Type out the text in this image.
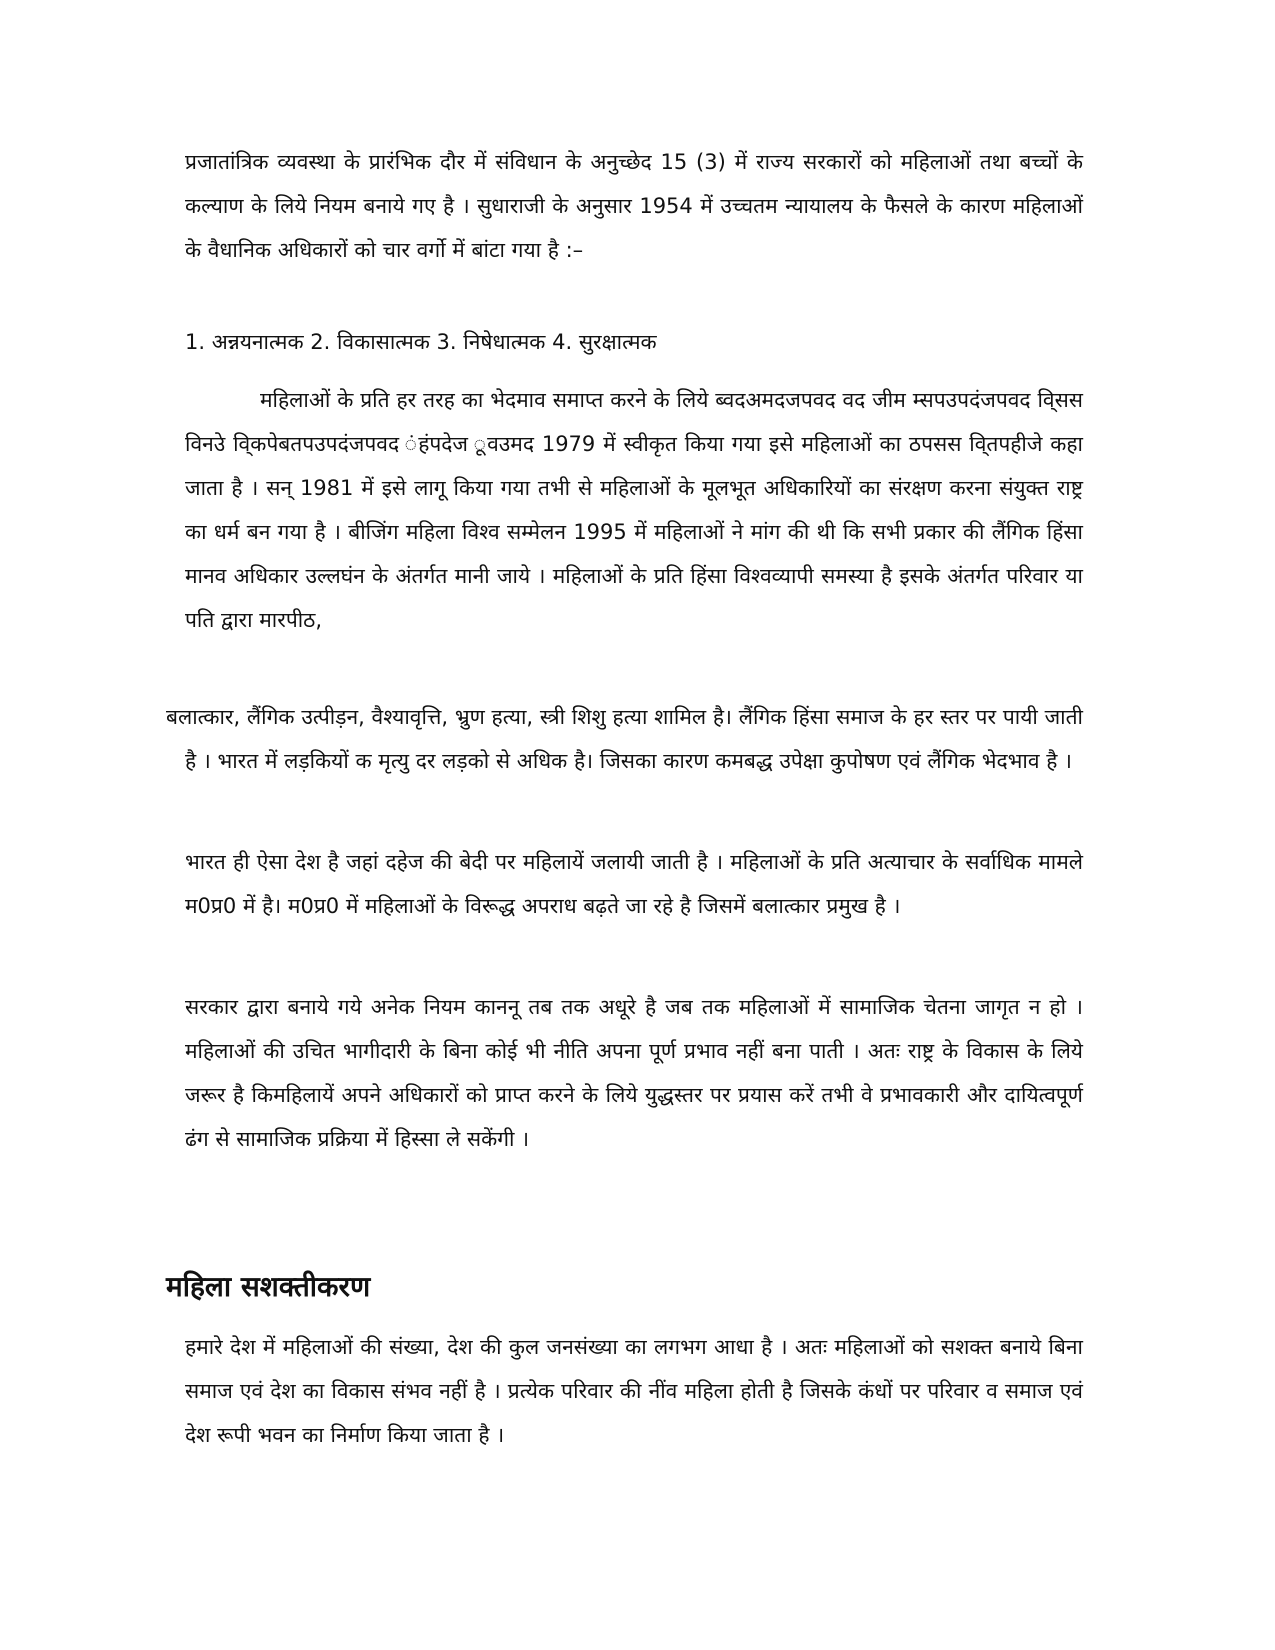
प्रजातांत्रिक व्यवस्था के प्रारंभिक दौर में संविधान के अनुच्छेद 15 (3) में राज्य सरकारों को महिलाओं तथा बच्चों के कल्याण के लिये नियम बनाये गए है । सुधाराजी के अनुसार 1954 में उच्चतम न्यायालय के फैसले के कारण महिलाओं के वैधानिक अधिकारों को चार वर्गो में बांटा गया है :–

1. अन्नयनात्मक 2. विकासात्मक 3. निषेधात्मक 4. सुरक्षात्मक

महिलाओं के प्रति हर तरह का भेदमाव समाप्त करने के लिये ब्वदअमदजपवद वद जीम म्सपउपदंजपवद वि्सस विनउे वि्कपेबतपउपदंजपवद ंहंपदेज ूवउमद 1979 में स्वीकृत किया गया इसे महिलाओं का ठपसस वि्तपहीजे कहा जाता है । सन् 1981 में इसे लागू किया गया तभी से महिलाओं के मूलभूत अधिकारियों का संरक्षण करना संयुक्त राष्ट्र का धर्म बन गया है । बीजिंग महिला विश्व सम्मेलन 1995 में महिलाओं ने मांग की थी कि सभी प्रकार की लैंगिक हिंसा मानव अधिकार उल्लघंन के अंतर्गत मानी जाये । महिलाओं के प्रति हिंसा विश्वव्यापी समस्या है इसके अंतर्गत परिवार या पति द्वारा मारपीठ,

बलात्कार, लैंगिक उत्पीड़न, वैश्यावृत्ति, भ्रुण हत्या, स्त्री शिशु हत्या शामिल है। लैंगिक हिंसा समाज के हर स्तर पर पायी जाती है । भारत में लड़कियों क मृत्यु दर लड़को से अधिक है। जिसका कारण कमबद्ध उपेक्षा कुपोषण एवं लैंगिक भेदभाव है ।

भारत ही ऐसा देश है जहां दहेज की बेदी पर महिलायें जलायी जाती है । महिलाओं के प्रति अत्याचार के सर्वाधिक मामले म0प्र0 में है। म0प्र0 में महिलाओं के विरूद्ध अपराध बढ़ते जा रहे है जिसमें बलात्कार प्रमुख है ।

सरकार द्वारा बनाये गये अनेक नियम काननू तब तक अधूरे है जब तक महिलाओं में सामाजिक चेतना जागृत न हो । महिलाओं की उचित भागीदारी के बिना कोई भी नीति अपना पूर्ण प्रभाव नहीं बना पाती । अतः राष्ट्र के विकास के लिये जरूर है किमहिलायें अपने अधिकारों को प्राप्त करने के लिये युद्धस्तर पर प्रयास करें तभी वे प्रभावकारी और दायित्वपूर्ण ढंग से सामाजिक प्रक्रिया में हिस्सा ले सकेंगी ।

महिला सशक्तीकरण

हमारे देश में महिलाओं की संख्या, देश की कुल जनसंख्या का लगभग आधा है । अतः महिलाओं को सशक्त बनाये बिना समाज एवं देश का विकास संभव नहीं है । प्रत्येक परिवार की नींव महिला होती है जिसके कंधों पर परिवार व समाज एवं देश रूपी भवन का निर्माण किया जाता है ।
